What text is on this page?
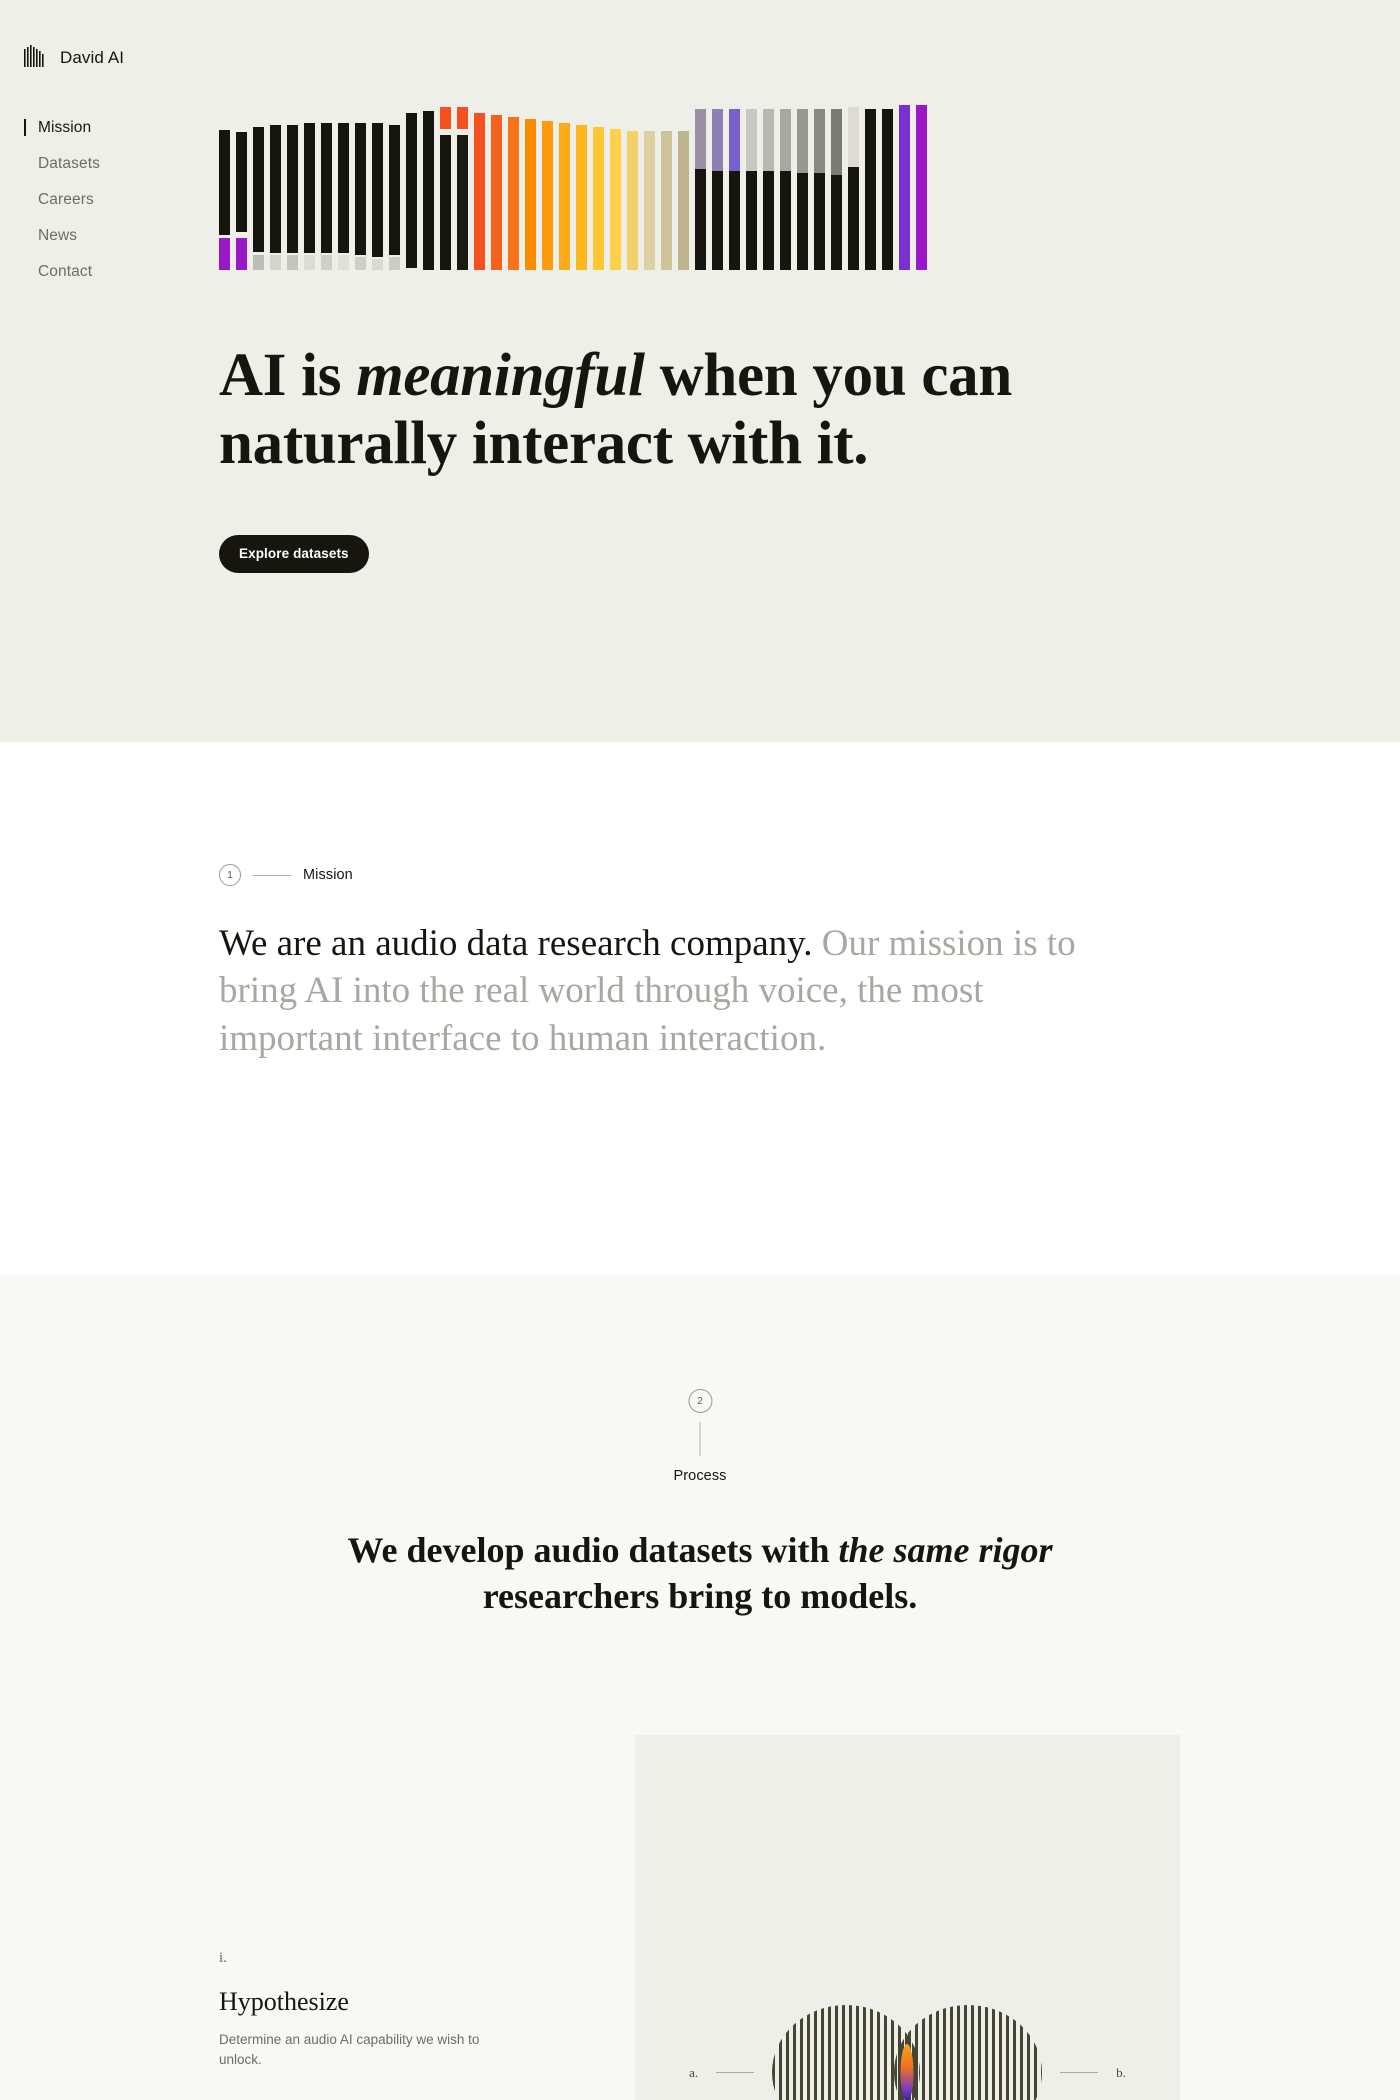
David AI
Mission
Datasets
Careers
News
Contact
AI is meaningful when you can naturally interact with it.
Explore datasets
1	Mission

We are an audio data research company. Our mission is to bring AI into the real world through voice, the most important interface to human interaction.

2
Process
We develop audio datasets with the same rigor researchers bring to models.
i.
Hypothesize
Determine an audio AI capability we wish to unlock.
a.	b.
